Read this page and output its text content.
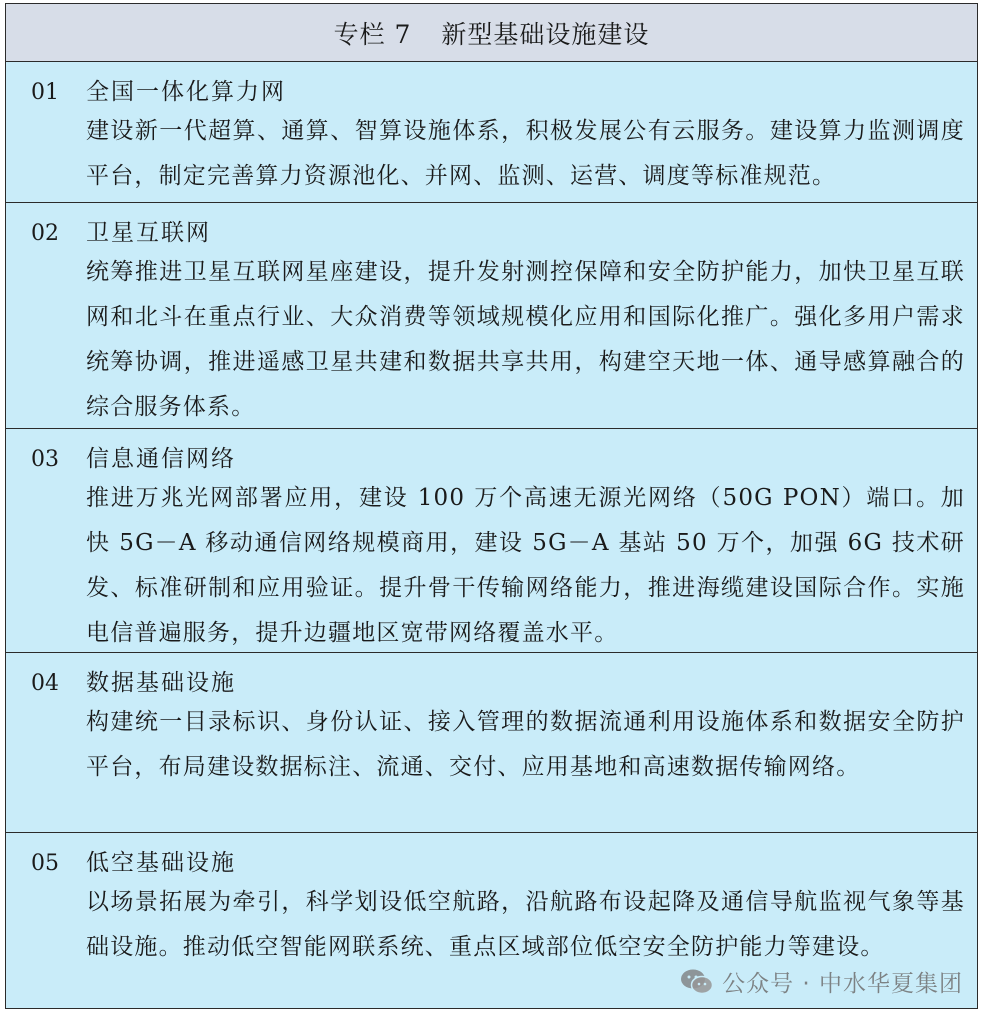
专栏 7 新型基础设施建设
01	全国一体化算力网
建设新一代超算、通算、智算设施体系，积极发展公有云服务。建设算力监测调度平台，制定完善算力资源池化、并网、监测、运营、调度等标准规范。
02	卫星互联网
统筹推进卫星互联网星座建设，提升发射测控保障和安全防护能力，加快卫星互联网和北斗在重点行业、大众消费等领域规模化应用和国际化推广。强化多用户需求统筹协调，推进遥感卫星共建和数据共享共用，构建空天地一体、通导感算融合的综合服务体系。
03	信息通信网络
推进万兆光网部署应用，建设 100 万个高速无源光网络（50G PON）端口。加快 5G－A 移动通信网络规模商用，建设 5G－A 基站 50 万个，加强 6G 技术研发、标准研制和应用验证。提升骨干传输网络能力，推进海缆建设国际合作。实施电信普遍服务，提升边疆地区宽带网络覆盖水平。
04	数据基础设施
构建统一目录标识、身份认证、接入管理的数据流通利用设施体系和数据安全防护平台，布局建设数据标注、流通、交付、应用基地和高速数据传输网络。
05	低空基础设施
以场景拓展为牵引，科学划设低空航路，沿航路布设起降及通信导航监视气象等基础设施。推动低空智能网联系统、重点区域部位低空安全防护能力等建设。
公众号 · 中水华夏集团
